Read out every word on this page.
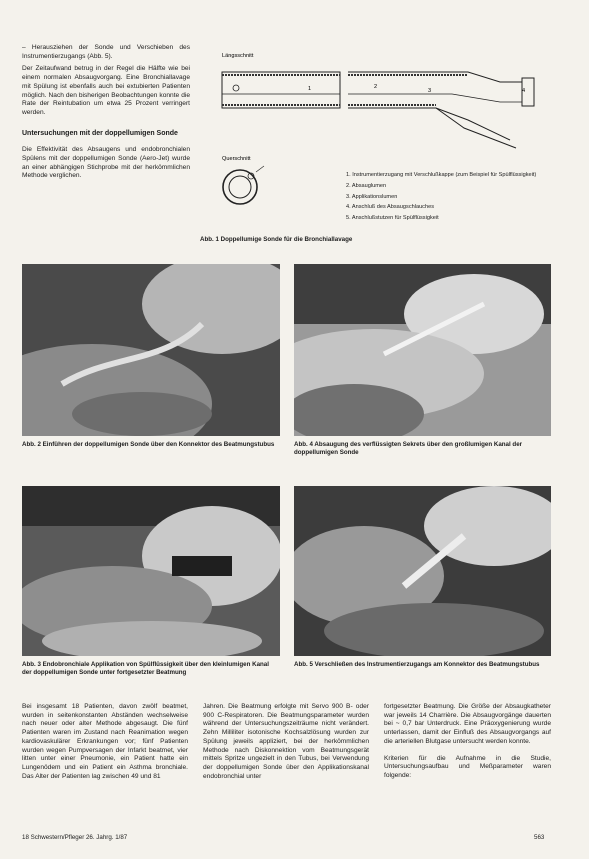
– Herausziehen der Sonde und Verschieben des Instrumentierzugangs (Abb. 5).

Der Zeitaufwand betrug in der Regel die Hälfte wie bei einem normalen Absaugvorgang. Eine Bronchiallavage mit Spülung ist ebenfalls auch bei extubierten Patienten möglich. Nach den bisherigen Beobachtungen konnte die Rate der Reintubation um etwa 25 Prozent verringert werden.

Untersuchungen mit der doppellumigen Sonde

Die Effektivität des Absaugens und endobronchialen Spülens mit der doppellumigen Sonde (Aero-Jet) wurde an einer abhängigen Stichprobe mit der herkömmlichen Methode verglichen.

Längsschnitt
1	2
3	4
Querschnitt
1. Instrumentierzugang mit Verschlußkappe (zum Beispiel für Spülflüssigkeit)
2. Absauglumen
3. Applikationslumen
4. Anschluß des Absaugschlauches
5. Anschlußstutzen für Spülflüssigkeit
Abb. 1 Doppellumige Sonde für die Bronchiallavage
Abb. 2 Einführen der doppellumigen Sonde über den Konnektor des Beatmungstubus	Abb. 4 Absaugung des verflüssigten Sekrets über den großlumigen Kanal der doppellumigen Sonde
Abb. 3 Endobronchiale Applikation von Spülflüssigkeit über den kleinlumigen Kanal der doppellumigen Sonde unter fortgesetzter Beatmung
Abb. 5 Verschließen des Instrumentierzugangs am Konnektor des Beatmungstubus

Bei insgesamt 18 Patienten, davon zwölf beatmet, wurden in seitenkonstanten Abständen wechselweise nach neuer oder alter Methode abgesaugt. Die fünf Patienten waren im Zustand nach Reanimation wegen kardiovaskulärer Erkrankungen vor; fünf Patienten wurden wegen Pumpversagen der Infarkt beatmet, vier litten unter einer Pneumonie, ein Patient hatte ein Lungenödem und ein Patient ein Asthma bronchiale. Das Alter der Patienten lag zwischen 49 und 81

Jahren. Die Beatmung erfolgte mit Servo 900 B- oder 900 C-Respiratoren. Die Beatmungsparameter wurden während der Untersuchungszeiträume nicht verändert. Zehn Milliliter isotonische Kochsalzlösung wurden zur Spülung jeweils appliziert, bei der herkömmlichen Methode nach Diskonnektion vom Beatmungsgerät mittels Spritze ungezielt in den Tubus, bei Verwendung der doppellumigen Sonde über den Applikationskanal endobronchial unter

fortgesetzter Beatmung. Die Größe der Absaugkatheter war jeweils 14 Charrière. Die Absaugvorgänge dauerten bei ~ 0,7 bar Unterdruck. Eine Präoxygenierung wurde unterlassen, damit der Einfluß des Absaugvorgangs auf die arteriellen Blutgase untersucht werden konnte.

Kriterien für die Aufnahme in die Studie, Untersuchungsaufbau und Meßparameter waren folgende:

18 Schwestern/Pfleger 26. Jahrg. 1/87	563
